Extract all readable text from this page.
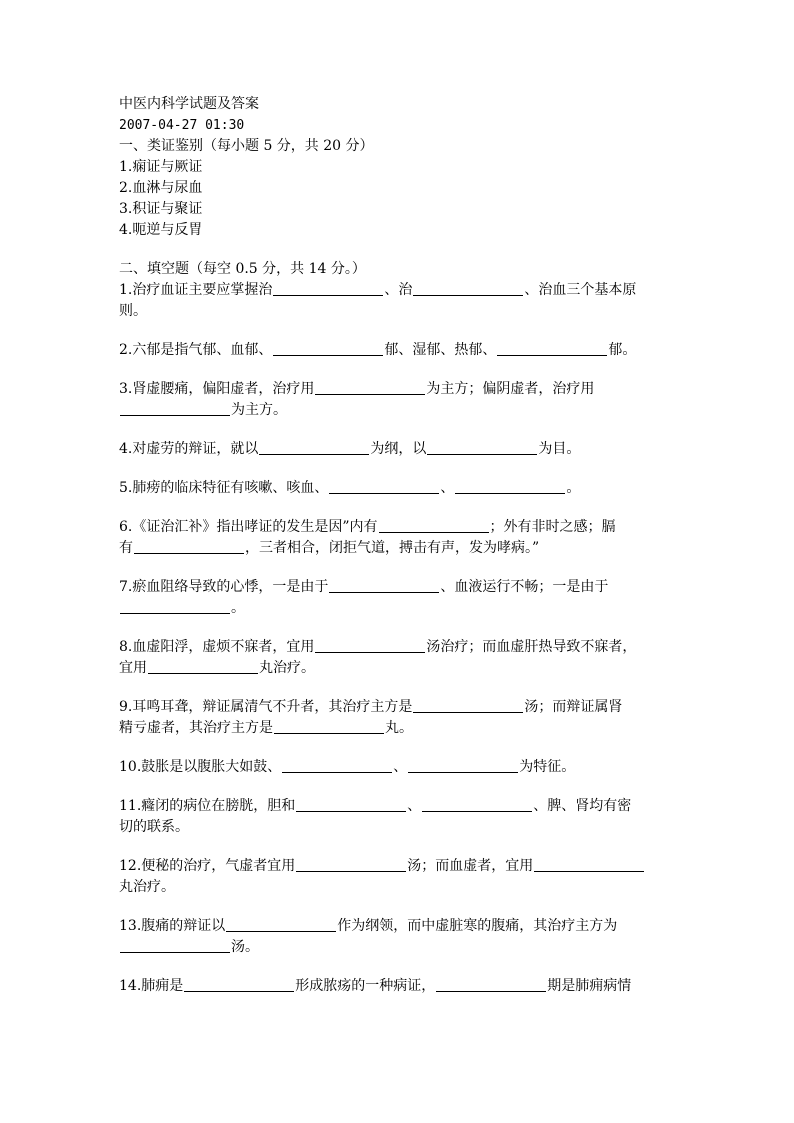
中医内科学试题及答案
2007-04-27 01:30
一、类证鉴别（每小题 5 分，共 20 分）
1.痫证与厥证
2.血淋与尿血
3.积证与聚证
4.呃逆与反胃
二、填空题（每空 0.5 分，共 14 分。）
1.治疗血证主要应掌握治	、治	、治血三个基本原
则。
2.六郁是指气郁、血郁、	郁、湿郁、热郁、	郁。
3.肾虚腰痛，偏阳虚者，治疗用	为主方；偏阴虚者，治疗用
为主方。
4.对虚劳的辩证，就以	为纲，以	为目。
5.肺痨的临床特征有咳嗽、咳血、	、	。
6.《证治汇补》指出哮证的发生是因”内有	；外有非时之感；膈
有	，三者相合，闭拒气道，搏击有声，发为哮病。”
7.瘀血阻络导致的心悸，一是由于	、血液运行不畅；一是由于
。
8.血虚阳浮，虚烦不寐者，宜用	汤治疗；而血虚肝热导致不寐者，
宜用	丸治疗。
9.耳鸣耳聋，辩证属清气不升者，其治疗主方是	汤；而辩证属肾
精亏虚者，其治疗主方是	丸。
10.鼓胀是以腹胀大如鼓、	、	为特征。
11.癃闭的病位在膀胱，胆和	、	、脾、肾均有密
切的联系。
12.便秘的治疗，气虚者宜用	汤；而血虚者，宜用
丸治疗。
13.腹痛的辩证以	作为纲领，而中虚脏寒的腹痛，其治疗主方为
汤。
14.肺痈是	形成脓疡的一种病证，	期是肺痈病情
